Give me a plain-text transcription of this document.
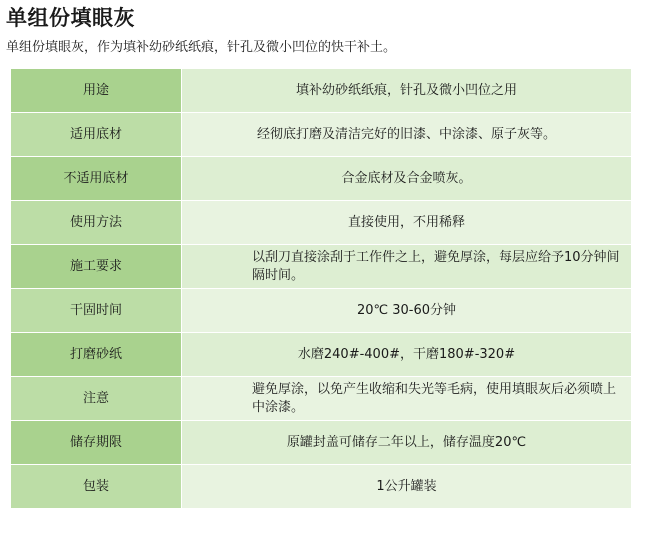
单组份填眼灰
单组份填眼灰，作为填补幼砂纸纸痕，针孔及微小凹位的快干补土。
用途	填补幼砂纸纸痕，针孔及微小凹位之用
适用底材	经彻底打磨及清洁完好的旧漆、中涂漆、原子灰等。
不适用底材	合金底材及合金喷灰。
使用方法	直接使用，不用稀释
施工要求	以刮刀直接涂刮于工作件之上，避免厚涂，每层应给予10分钟间隔时间。
干固时间	20℃ 30-60分钟
打磨砂纸	水磨240#-400#，干磨180#-320#
注意	避免厚涂，以免产生收缩和失光等毛病，使用填眼灰后必须喷上中涂漆。
储存期限	原罐封盖可储存二年以上，储存温度20℃
包装	1公升罐装
